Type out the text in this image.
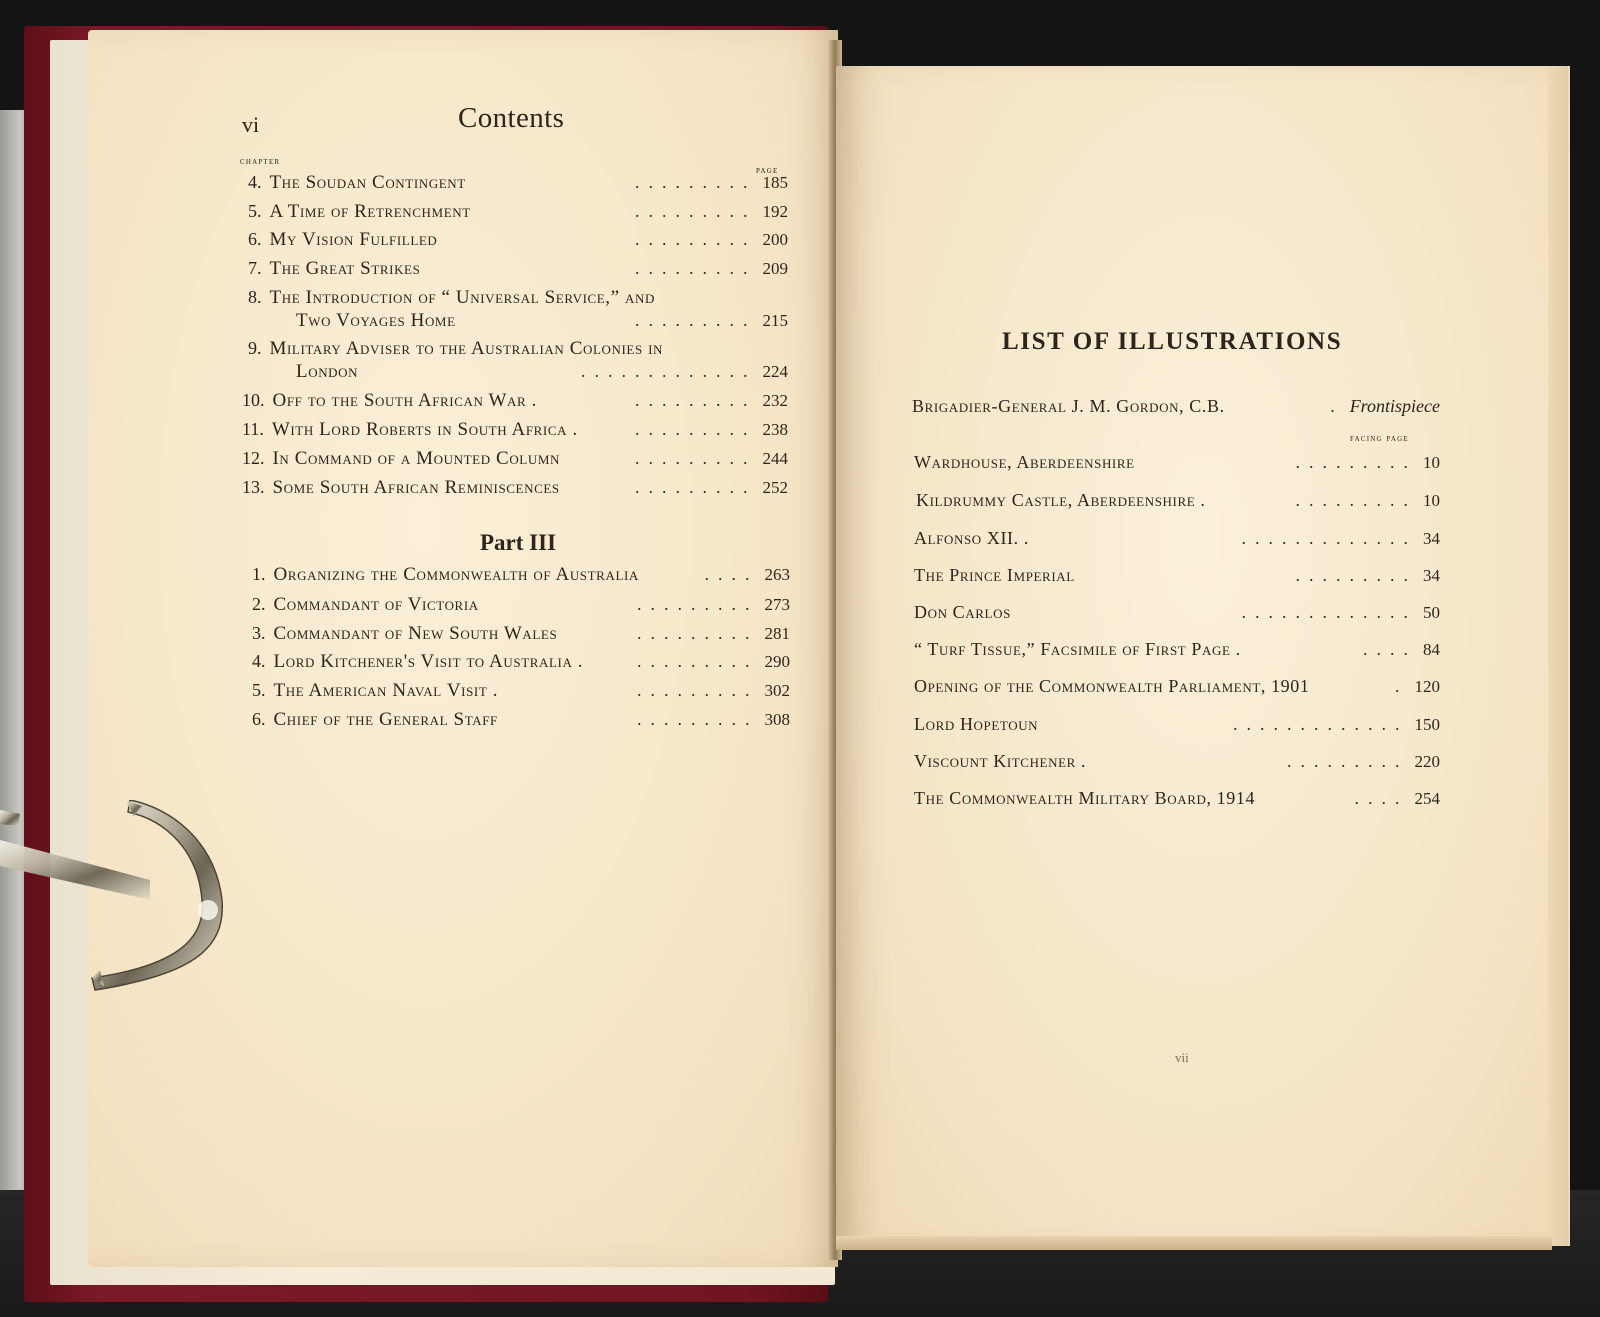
vi	Contents
chapter
page
4. The Soudan Contingent	......... 185
5. A Time of Retrenchment	......... 192
6. My Vision Fulfilled	......... 200
7. The Great Strikes	......... 209
8. The Introduction of “ Universal Service,” and
Two Voyages Home	......... 215
9. Military Adviser to the Australian Colonies in
London	............. 224
10. Off to the South African War .	......... 232
11. With Lord Roberts in South Africa .	......... 238
12. In Command of a Mounted Column	......... 244
13. Some South African Reminiscences	......... 252
Part III
1. Organizing the Commonwealth of Australia	.... 263
2. Commandant of Victoria	......... 273
3. Commandant of New South Wales	......... 281
4. Lord Kitchener's Visit to Australia .	......... 290
5. The American Naval Visit .	......... 302
6. Chief of the General Staff	......... 308
LIST OF ILLUSTRATIONS
Brigadier-General J. M. Gordon, C.B.	. Frontispiece
facing page
Wardhouse, Aberdeenshire	......... 10
Kildrummy Castle, Aberdeenshire .	......... 10
Alfonso XII. .	............. 34
The Prince Imperial	......... 34
Don Carlos	............. 50
“ Turf Tissue,” Facsimile of First Page .	.... 84
Opening of the Commonwealth Parliament, 1901	. 120
Lord Hopetoun	............. 150
Viscount Kitchener .	......... 220
The Commonwealth Military Board, 1914	.... 254
vii
